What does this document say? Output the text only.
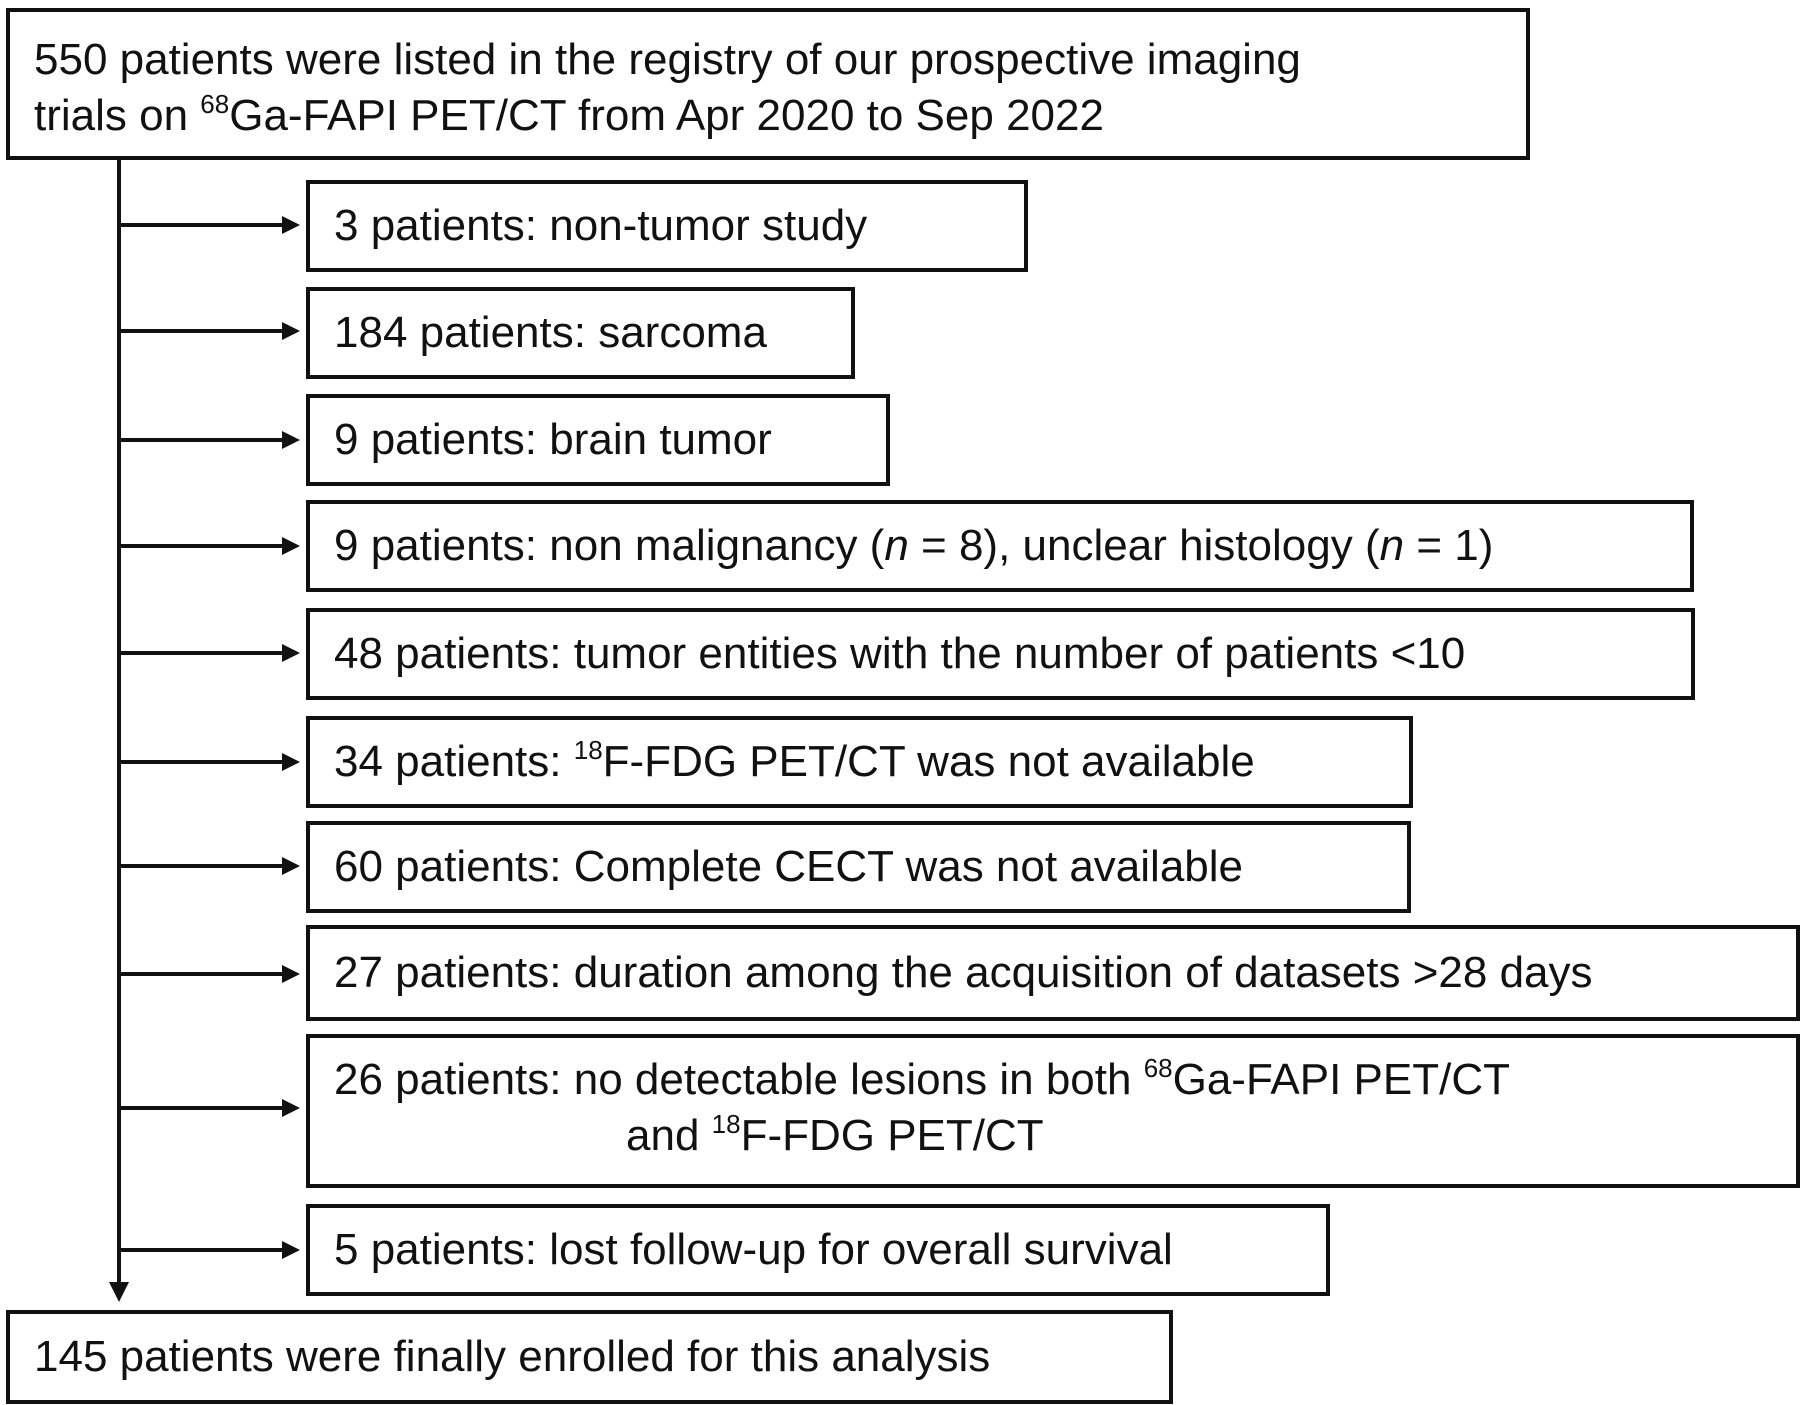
550 patients were listed in the registry of our prospective imaging
trials on $^{68}$Ga-FAPI PET/CT from Apr 2020 to Sep 2022
3 patients: non-tumor study
184 patients: sarcoma
9 patients: brain tumor
9 patients: non malignancy (n = 8), unclear histology (n = 1)
48 patients: tumor entities with the number of patients <10
34 patients: $^{18}$F-FDG PET/CT was not available
60 patients: Complete CECT was not available
27 patients: duration among the acquisition of datasets >28 days
26 patients: no detectable lesions in both $^{68}$Ga-FAPI PET/CT
and $^{18}$F-FDG PET/CT
5 patients: lost follow-up for overall survival
145 patients were finally enrolled for this analysis
